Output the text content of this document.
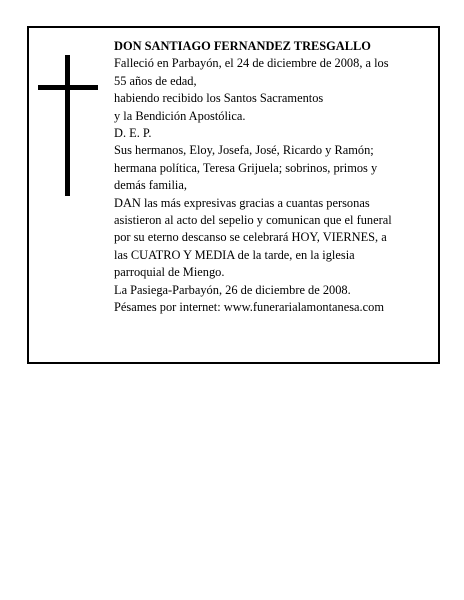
DON SANTIAGO FERNANDEZ TRESGALLO
Falleció en Parbayón, el 24 de diciembre de 2008, a los
55 años de edad,
habiendo recibido los Santos Sacramentos
y la Bendición Apostólica.
D. E. P.
Sus hermanos, Eloy, Josefa, José, Ricardo y Ramón;
hermana política, Teresa Grijuela; sobrinos, primos y
demás familia,
DAN las más expresivas gracias a cuantas personas
asistieron al acto del sepelio y comunican que el funeral
por su eterno descanso se celebrará HOY, VIERNES, a
las CUATRO Y MEDIA de la tarde, en la iglesia
parroquial de Miengo.
La Pasiega-Parbayón, 26 de diciembre de 2008.
Pésames por internet: www.funerarialamontanesa.com
